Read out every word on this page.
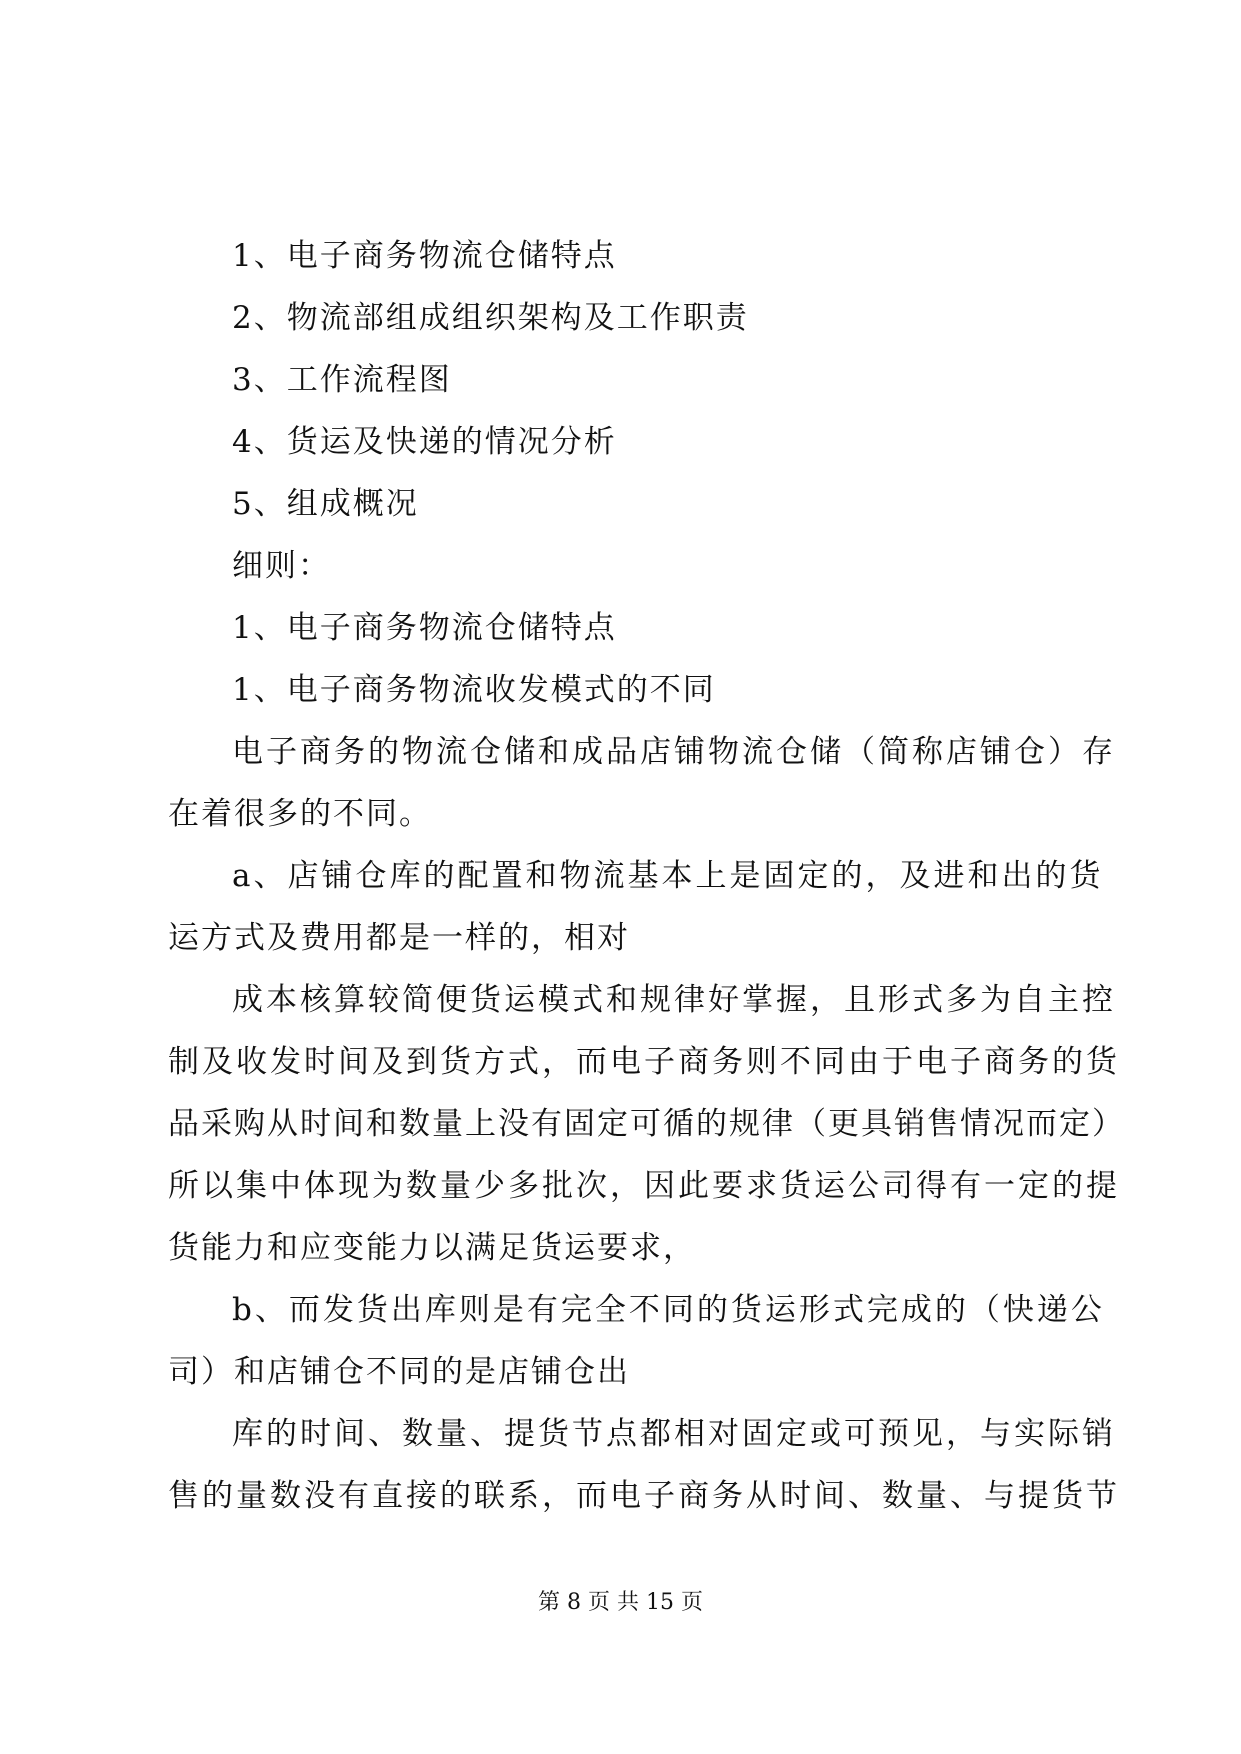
1、电子商务物流仓储特点
2、物流部组成组织架构及工作职责
3、工作流程图
4、货运及快递的情况分析
5、组成概况
细则：
1、电子商务物流仓储特点
1、电子商务物流收发模式的不同
电子商务的物流仓储和成品店铺物流仓储（简称店铺仓）存
在着很多的不同。
a、店铺仓库的配置和物流基本上是固定的，及进和出的货
运方式及费用都是一样的，相对
成本核算较简便货运模式和规律好掌握，且形式多为自主控
制及收发时间及到货方式，而电子商务则不同由于电子商务的货
品采购从时间和数量上没有固定可循的规律（更具销售情况而定）
所以集中体现为数量少多批次，因此要求货运公司得有一定的提
货能力和应变能力以满足货运要求，
b、而发货出库则是有完全不同的货运形式完成的（快递公
司）和店铺仓不同的是店铺仓出
库的时间、数量、提货节点都相对固定或可预见，与实际销
售的量数没有直接的联系，而电子商务从时间、数量、与提货节
第 8 页 共 15 页
